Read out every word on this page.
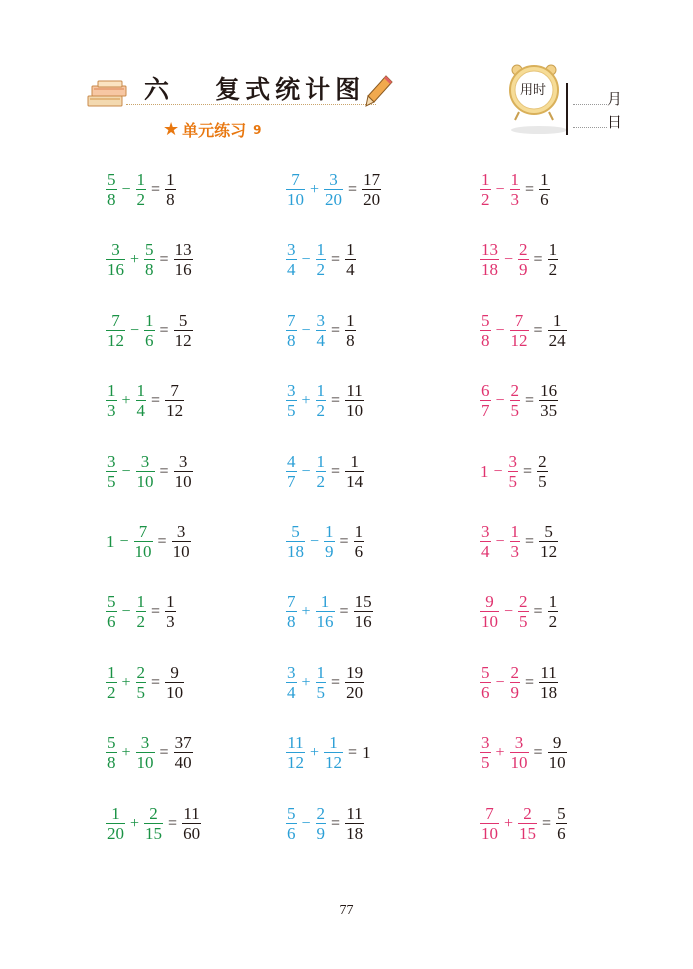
六   复式统计图
★ 单元练习 9
用时	月
日
$\frac{5}{8} - \frac{1}{2} = \frac{1}{8}$
$\frac{3}{16} + \frac{5}{8} = \frac{13}{16}$
$\frac{7}{12} - \frac{1}{6} = \frac{5}{12}$
$\frac{1}{3} + \frac{1}{4} = \frac{7}{12}$
$\frac{3}{5} - \frac{3}{10} = \frac{3}{10}$
$1 - \frac{7}{10} = \frac{3}{10}$
$\frac{5}{6} - \frac{1}{2} = \frac{1}{3}$
$\frac{1}{2} + \frac{2}{5} = \frac{9}{10}$
$\frac{5}{8} + \frac{3}{10} = \frac{37}{40}$
$\frac{1}{20} + \frac{2}{15} = \frac{11}{60}$
$\frac{7}{10} + \frac{3}{20} = \frac{17}{20}$
$\frac{3}{4} - \frac{1}{2} = \frac{1}{4}$
$\frac{7}{8} - \frac{3}{4} = \frac{1}{8}$
$\frac{3}{5} + \frac{1}{2} = \frac{11}{10}$
$\frac{4}{7} - \frac{1}{2} = \frac{1}{14}$
$\frac{5}{18} - \frac{1}{9} = \frac{1}{6}$
$\frac{7}{8} + \frac{1}{16} = \frac{15}{16}$
$\frac{3}{4} + \frac{1}{5} = \frac{19}{20}$
$\frac{11}{12} + \frac{1}{12} = 1$
$\frac{5}{6} - \frac{2}{9} = \frac{11}{18}$
$\frac{1}{2} - \frac{1}{3} = \frac{1}{6}$
$\frac{13}{18} - \frac{2}{9} = \frac{1}{2}$
$\frac{5}{8} - \frac{7}{12} = \frac{1}{24}$
$\frac{6}{7} - \frac{2}{5} = \frac{16}{35}$
$1 - \frac{3}{5} = \frac{2}{5}$
$\frac{3}{4} - \frac{1}{3} = \frac{5}{12}$
$\frac{9}{10} - \frac{2}{5} = \frac{1}{2}$
$\frac{5}{6} - \frac{2}{9} = \frac{11}{18}$
$\frac{3}{5} + \frac{3}{10} = \frac{9}{10}$
$\frac{7}{10} + \frac{2}{15} = \frac{5}{6}$
77
